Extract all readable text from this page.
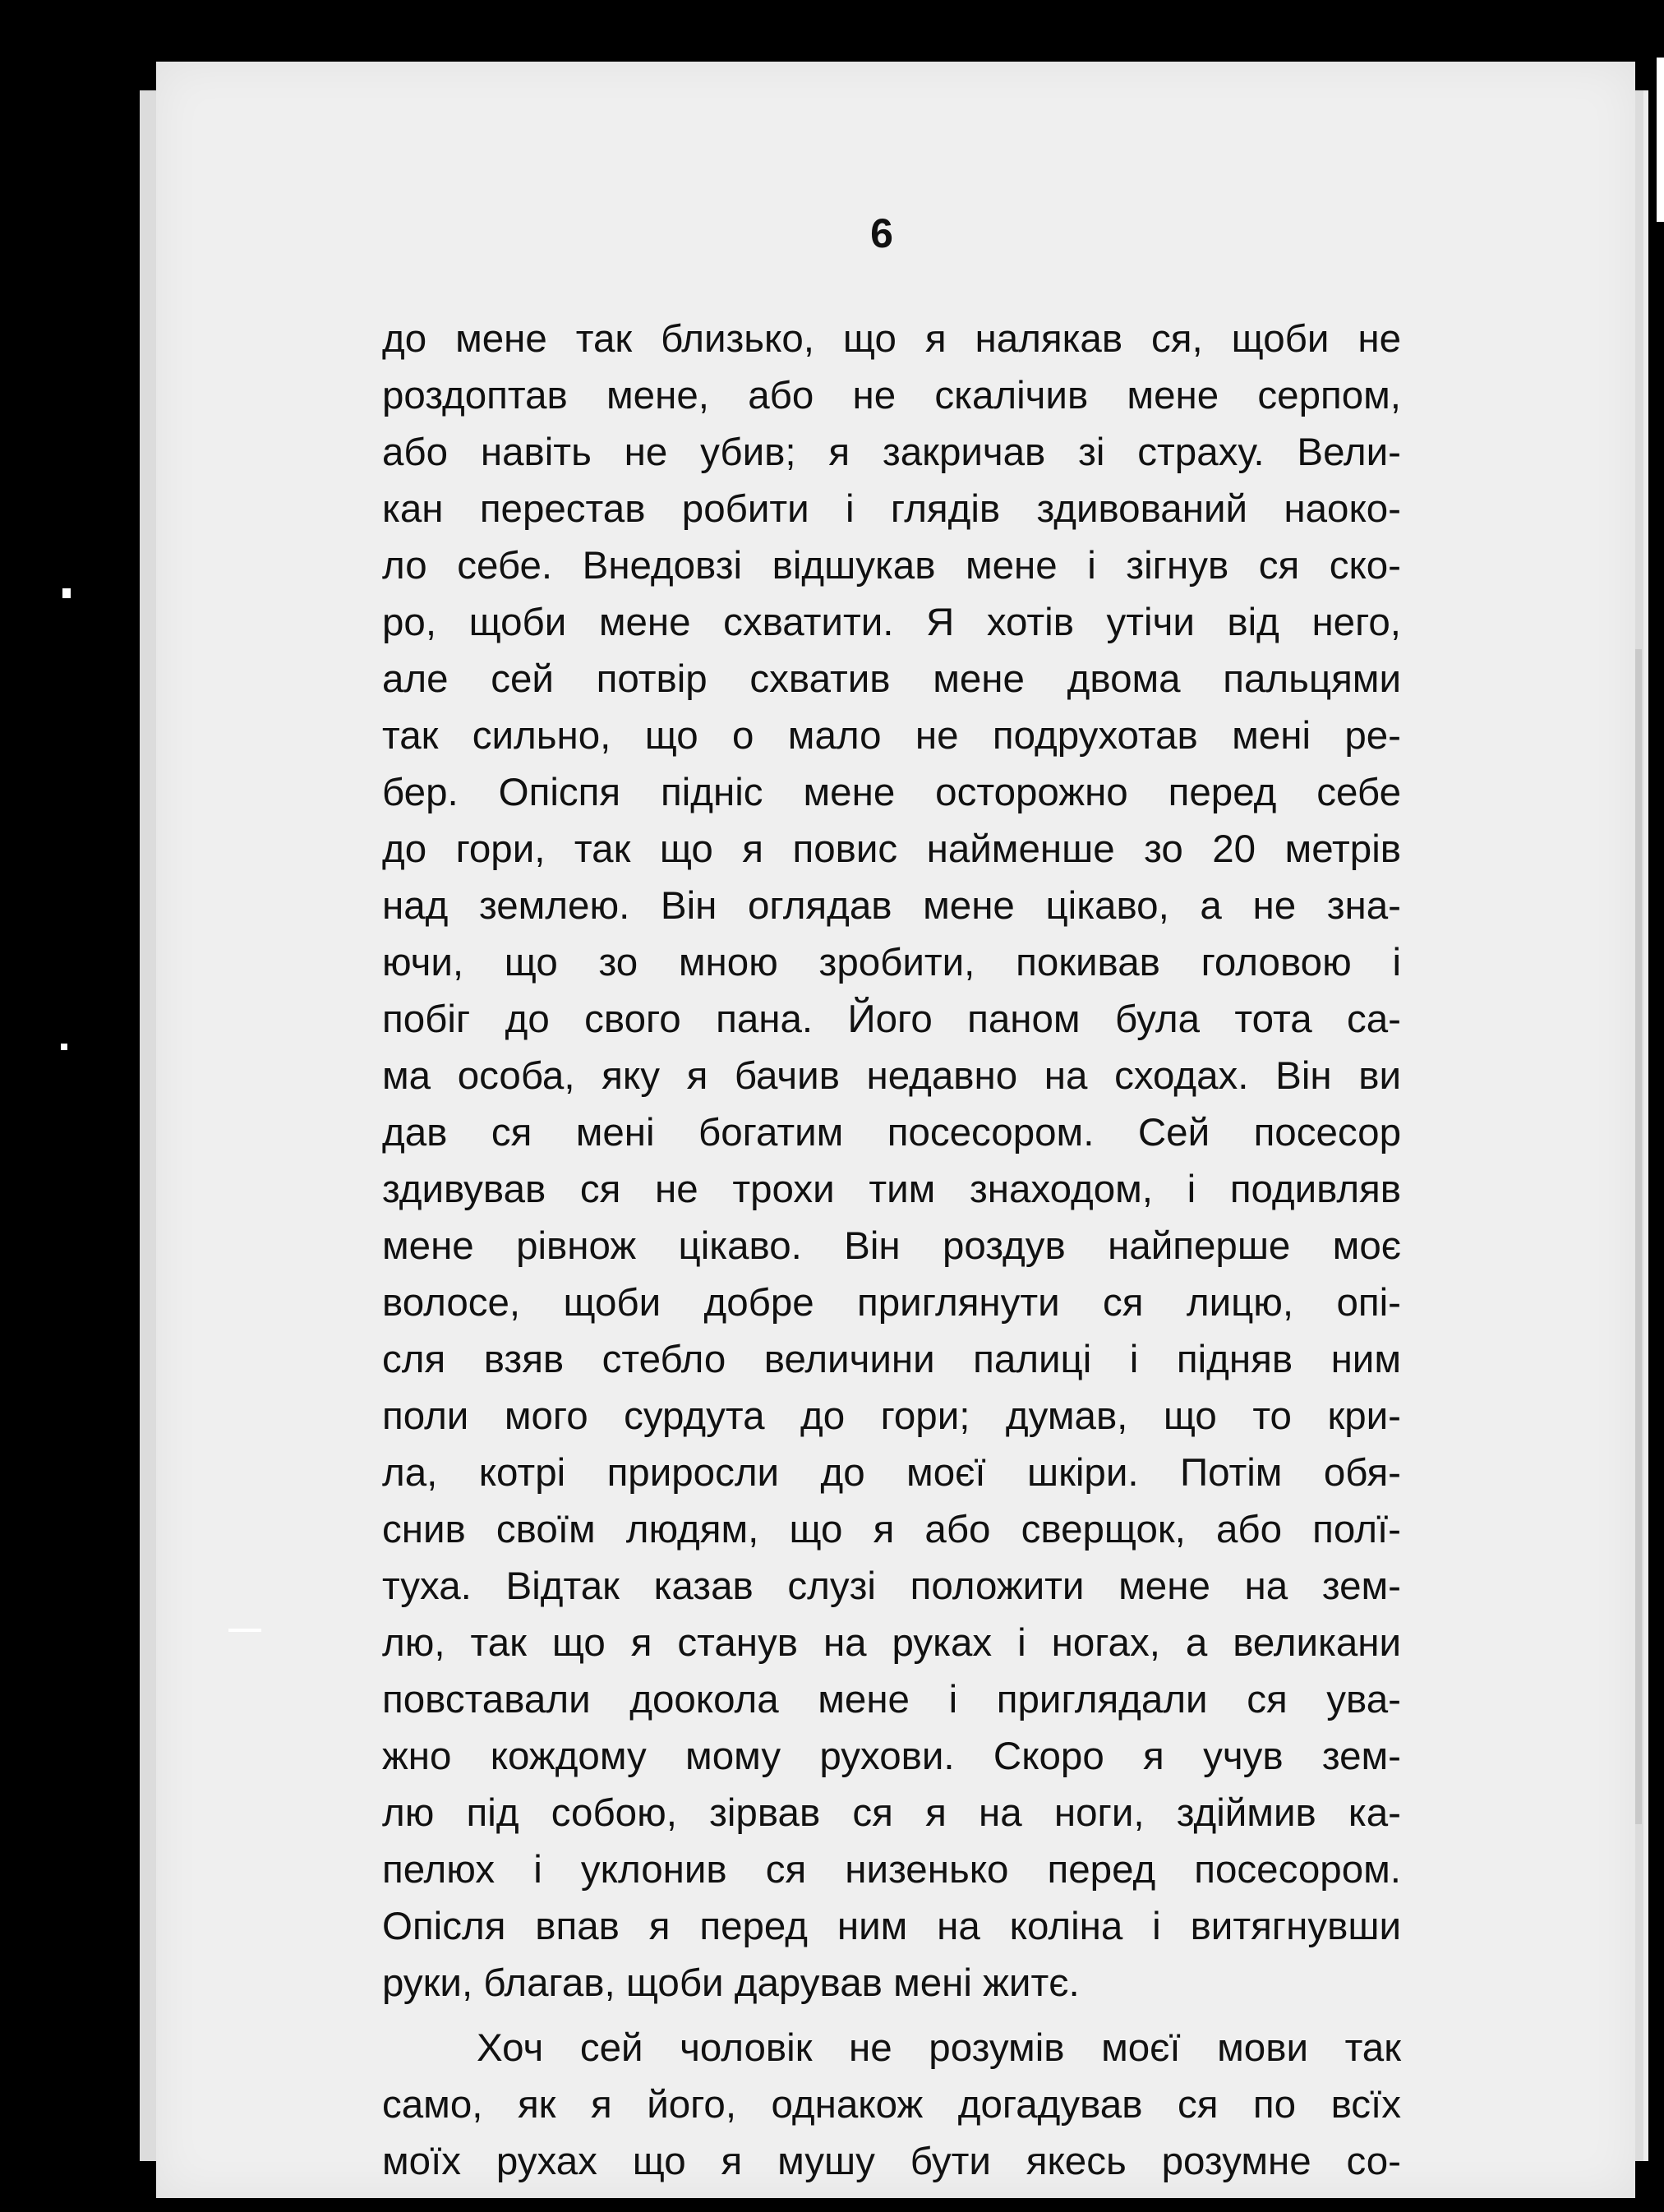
6
до мене так близько, що я налякав ся, щоби не
роздоптав мене, або не скалічив мене серпом,
або навіть не убив; я закричав зі страху. Вели-
кан перестав робити і глядів здивований наоко-
ло себе. Внедовзі відшукав мене і зігнув ся ско-
ро, щоби мене схватити. Я хотів утічи від него,
але сей потвір схватив мене двома пальцями
так сильно, що о мало не подрухотав мені ре-
бер. Опіспя підніс мене осторожно перед себе
до гори, так що я повис найменше зо 20 метрів
над землею. Він оглядав мене цікаво, а не зна-
ючи, що зо мною зробити, покивав головою і
побіг до свого пана. Його паном була тота са-
ма особа, яку я бачив недавно на сходах. Він ви
дав ся мені богатим посесором. Сей посесор
здивував ся не трохи тим знаходом, і подивляв
мене рівнож цікаво. Він роздув найперше моє
волосе, щоби добре приглянути ся лицю, опі-
сля взяв стебло величини палиці і підняв ним
поли мого сурдута до гори; думав, що то кри-
ла, котрі приросли до моєї шкіри. Потім обя-
снив своїм людям, що я або сверщок, або полї-
туха. Відтак казав слузі положити мене на зем-
лю, так що я станув на руках і ногах, а великани
повставали доокола мене і приглядали ся ува-
жно кождому мому рухови. Скоро я учув зем-
лю під собою, зірвав ся я на ноги, здіймив ка-
пелюх і уклонив ся низенько перед посесором.
Опісля впав я перед ним на коліна і витягнувши
руки, благав, щоби дарував мені житє.
Хоч сей чоловік не розумів моєї мови так
само, як я його, однакож догадував ся по всїх
моїх рухах що я мушу бути якесь розумне со-
